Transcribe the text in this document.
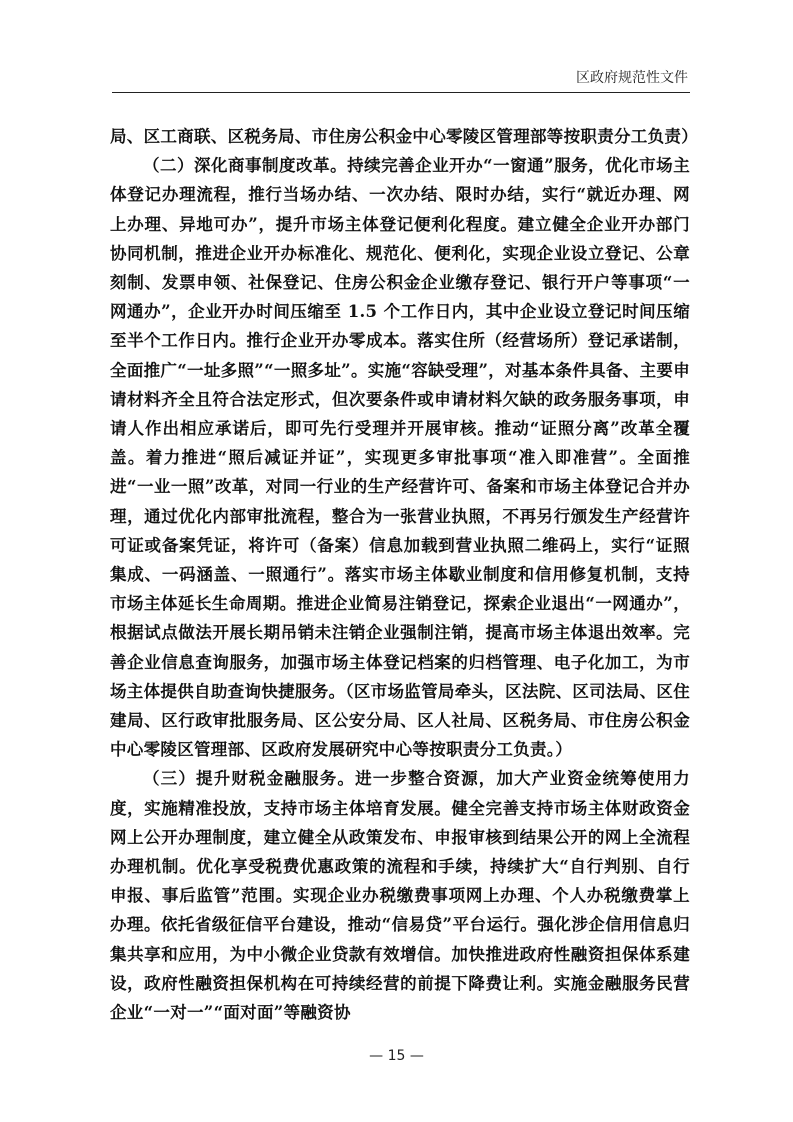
区政府规范性文件

局、区工商联、区税务局、市住房公积金中心零陵区管理部等按职责分工负责）

（二）深化商事制度改革。持续完善企业开办“一窗通”服务，优化市场主体登记办理流程，推行当场办结、一次办结、限时办结，实行“就近办理、网上办理、异地可办”，提升市场主体登记便利化程度。建立健全企业开办部门协同机制，推进企业开办标准化、规范化、便利化，实现企业设立登记、公章刻制、发票申领、社保登记、住房公积金企业缴存登记、银行开户等事项“一网通办”，企业开办时间压缩至 1.5 个工作日内，其中企业设立登记时间压缩至半个工作日内。推行企业开办零成本。落实住所（经营场所）登记承诺制，全面推广“一址多照”“一照多址”。实施“容缺受理”，对基本条件具备、主要申请材料齐全且符合法定形式，但次要条件或申请材料欠缺的政务服务事项，申请人作出相应承诺后，即可先行受理并开展审核。推动“证照分离”改革全覆盖。着力推进“照后减证并证”，实现更多审批事项“准入即准营”。全面推进“一业一照”改革，对同一行业的生产经营许可、备案和市场主体登记合并办理，通过优化内部审批流程，整合为一张营业执照，不再另行颁发生产经营许可证或备案凭证，将许可（备案）信息加载到营业执照二维码上，实行“证照集成、一码涵盖、一照通行”。落实市场主体歇业制度和信用修复机制，支持市场主体延长生命周期。推进企业简易注销登记，探索企业退出“一网通办”，根据试点做法开展长期吊销未注销企业强制注销，提高市场主体退出效率。完善企业信息查询服务，加强市场主体登记档案的归档管理、电子化加工，为市场主体提供自助查询快捷服务。（区市场监管局牵头，区法院、区司法局、区住建局、区行政审批服务局、区公安分局、区人社局、区税务局、市住房公积金中心零陵区管理部、区政府发展研究中心等按职责分工负责。）

（三）提升财税金融服务。进一步整合资源，加大产业资金统筹使用力度，实施精准投放，支持市场主体培育发展。健全完善支持市场主体财政资金网上公开办理制度，建立健全从政策发布、申报审核到结果公开的网上全流程办理机制。优化享受税费优惠政策的流程和手续，持续扩大“自行判别、自行申报、事后监管”范围。实现企业办税缴费事项网上办理、个人办税缴费掌上办理。依托省级征信平台建设，推动“信易贷”平台运行。强化涉企信用信息归集共享和应用，为中小微企业贷款有效增信。加快推进政府性融资担保体系建设，政府性融资担保机构在可持续经营的前提下降费让利。实施金融服务民营企业“一对一”“面对面”等融资协

— 15 —
